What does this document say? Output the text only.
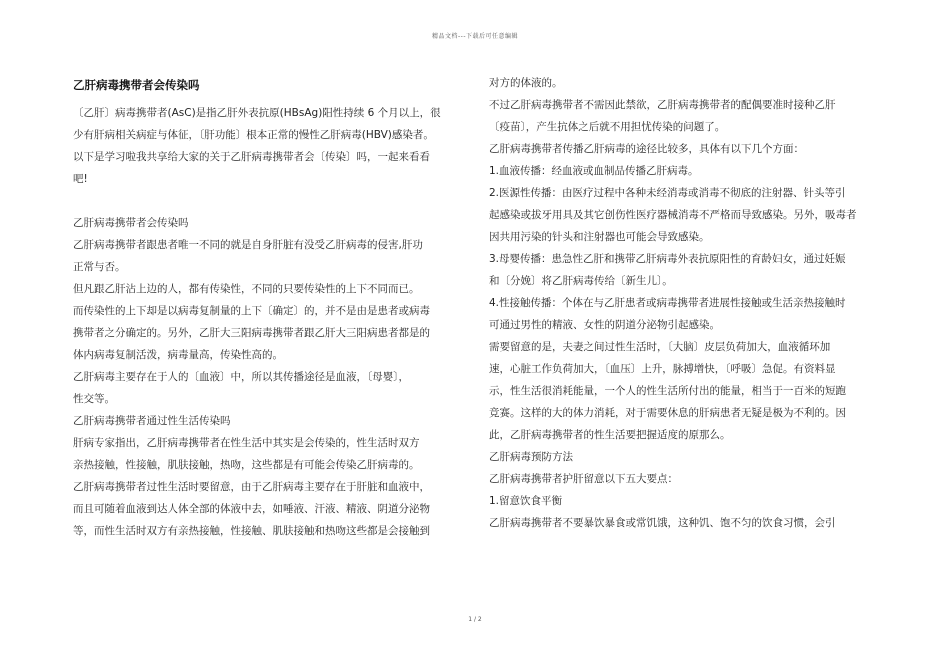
精品文档---下载后可任意编辑
乙肝病毒携带者会传染吗
〔乙肝〕病毒携带者(AsC)是指乙肝外表抗原(HBsAg)阳性持续 6 个月以上，很
少有肝病相关病症与体征，〔肝功能〕根本正常的慢性乙肝病毒(HBV)感染者。
以下是学习啦我共享给大家的关于乙肝病毒携带者会〔传染〕吗，一起来看看
吧!
乙肝病毒携带者会传染吗
乙肝病毒携带者跟患者唯一不同的就是自身肝脏有没受乙肝病毒的侵害,肝功
正常与否。
但凡跟乙肝沾上边的人，都有传染性，不同的只要传染性的上下不同而已。
而传染性的上下却是以病毒复制量的上下〔确定〕的，并不是由是患者或病毒
携带者之分确定的。另外，乙肝大三阳病毒携带者跟乙肝大三阳病患者都是的
体内病毒复制活泼，病毒量高，传染性高的。
乙肝病毒主要存在于人的〔血液〕中，所以其传播途径是血液，〔母婴〕，
性交等。
乙肝病毒携带者通过性生活传染吗
肝病专家指出，乙肝病毒携带者在性生活中其实是会传染的，性生活时双方
亲热接触，性接触，肌肤接触，热吻，这些都是有可能会传染乙肝病毒的。
乙肝病毒携带者过性生活时要留意，由于乙肝病毒主要存在于肝脏和血液中，
而且可随着血液到达人体全部的体液中去，如唾液、汗液、精液、阴道分泌物
等，而性生活时双方有亲热接触，性接触、肌肤接触和热吻这些都是会接触到
对方的体液的。
不过乙肝病毒携带者不需因此禁欲，乙肝病毒携带者的配偶要准时接种乙肝
〔疫苗〕，产生抗体之后就不用担忧传染的问题了。
乙肝病毒携带者传播乙肝病毒的途径比较多，具体有以下几个方面：
1.血液传播：经血液或血制品传播乙肝病毒。
2.医源性传播：由医疗过程中各种未经消毒或消毒不彻底的注射器、针头等引
起感染或拔牙用具及其它创伤性医疗器械消毒不严格而导致感染。另外，吸毒者
因共用污染的针头和注射器也可能会导致感染。
3.母婴传播：患急性乙肝和携带乙肝病毒外表抗原阳性的育龄妇女，通过妊娠
和〔分娩〕将乙肝病毒传给〔新生儿〕。
4.性接触传播：个体在与乙肝患者或病毒携带者进展性接触或生活亲热接触时
可通过男性的精液、女性的阴道分泌物引起感染。
需要留意的是，夫妻之间过性生活时，〔大脑〕皮层负荷加大，血液循环加
速，心脏工作负荷加大，〔血压〕上升，脉搏增快，〔呼吸〕急促。有资料显
示，性生活很消耗能量，一个人的性生活所付出的能量，相当于一百米的短跑
竞赛。这样的大的体力消耗，对于需要休息的肝病患者无疑是极为不利的。因
此，乙肝病毒携带者的性生活要把握适度的原那么。
乙肝病毒预防方法
乙肝病毒携带者护肝留意以下五大要点：
1.留意饮食平衡
乙肝病毒携带者不要暴饮暴食或常饥饿，这种饥、饱不匀的饮食习惯，会引
1 / 2
